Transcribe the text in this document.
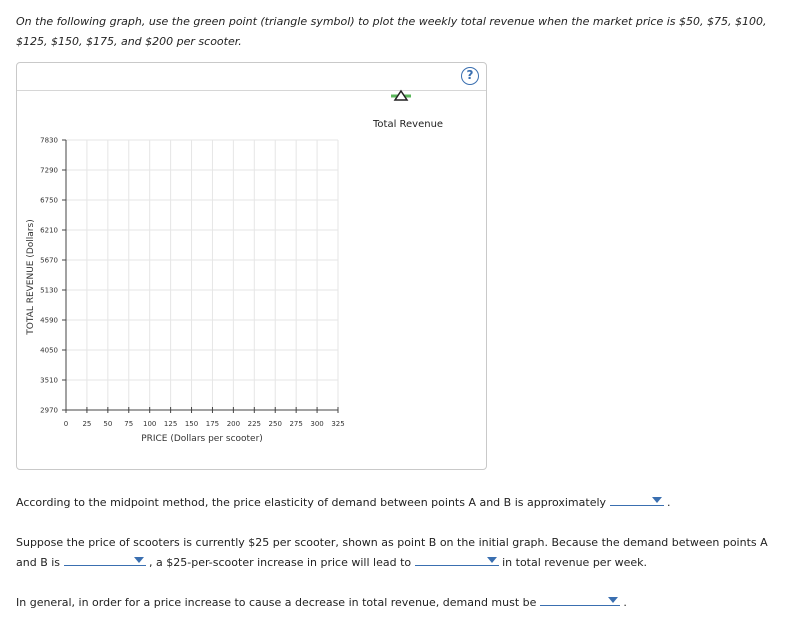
On the following graph, use the green point (triangle symbol) to plot the weekly total revenue when the market price is $50, $75, $100, $125, $150, $175, and $200 per scooter.
?
7830
7290
6750
6210
5670
5130
4590
4050
3510
2970
0 25 50 75 100 125 150 175 200 225 250 275 300 325
PRICE (Dollars per scooter)
TOTAL REVENUE (Dollars)
Total Revenue
According to the midpoint method, the price elasticity of demand between points A and B is approximately	.
Suppose the price of scooters is currently $25 per scooter, shown as point B on the initial graph. Because the demand between points A and B is	, a $25-per-scooter increase in price will lead to	in total revenue per week.
In general, in order for a price increase to cause a decrease in total revenue, demand must be	.
